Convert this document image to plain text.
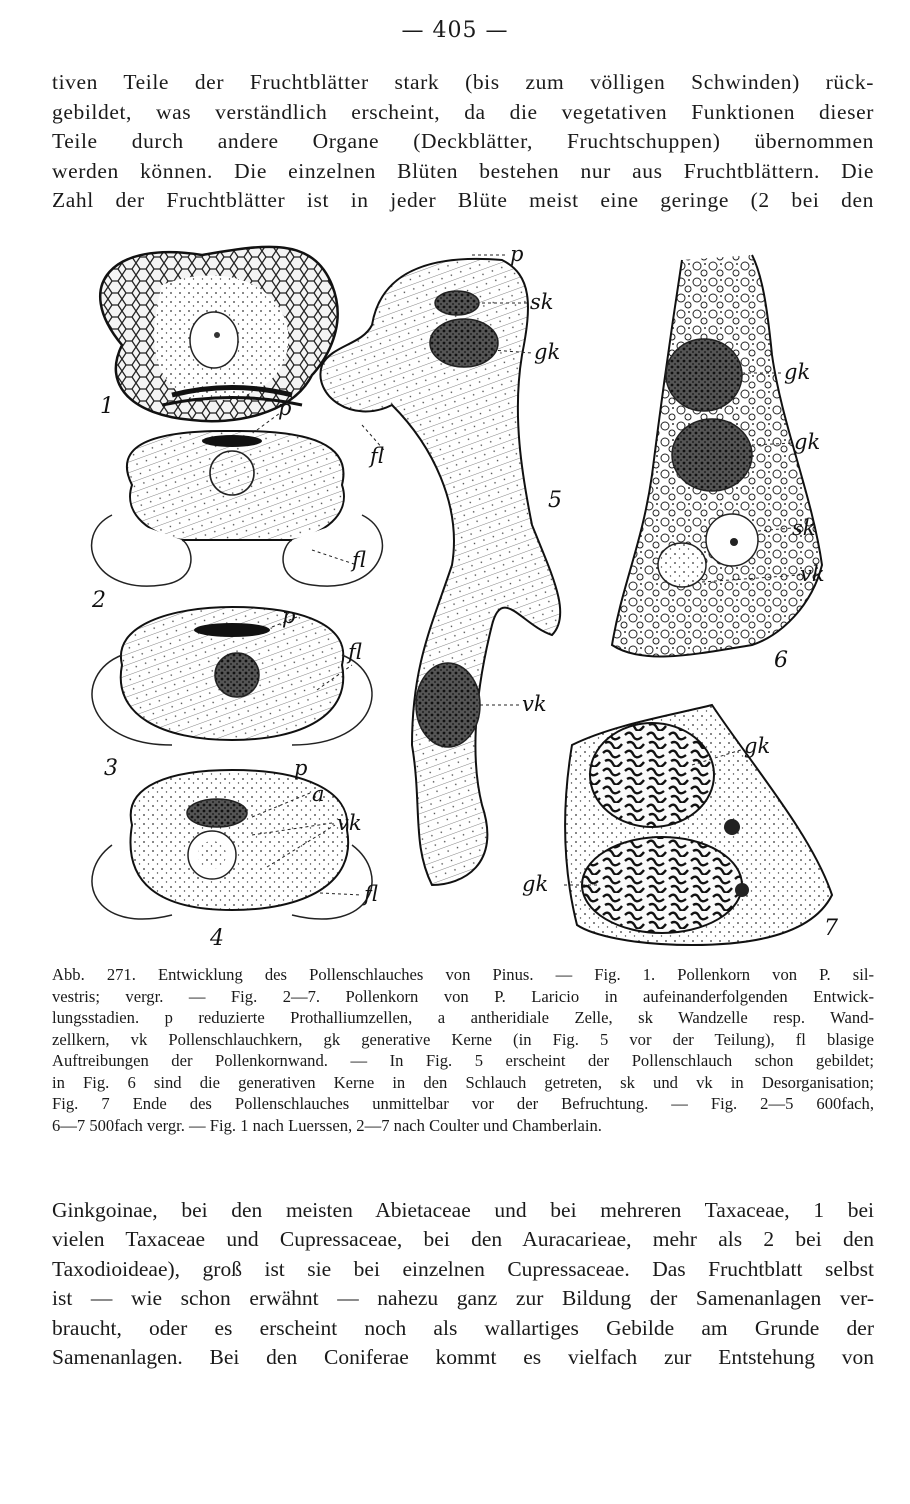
— 405 —
tiven Teile der Fruchtblätter stark (bis zum völligen Schwinden) rück-
gebildet, was verständlich erscheint, da die vegetativen Funktionen dieser
Teile durch andere Organe (Deckblätter, Fruchtschuppen) übernommen
werden können. Die einzelnen Blüten bestehen nur aus Fruchtblättern. Die
Zahl der Fruchtblätter ist in jeder Blüte meist eine geringe (2 bei den
p
fl
p
fl
p
a
vk
fl
p
sk
gk
fl
vk
gk
gk
sk
vk
gk
gk
1
2
3
4
5
6
7
Abb. 271. Entwicklung des Pollenschlauches von Pinus. — Fig. 1. Pollenkorn von P. sil-
vestris; vergr. — Fig. 2—7. Pollenkorn von P. Laricio in aufeinanderfolgenden Entwick-
lungsstadien. p reduzierte Prothalliumzellen, a antheridiale Zelle, sk Wandzelle resp. Wand-
zellkern, vk Pollenschlauchkern, gk generative Kerne (in Fig. 5 vor der Teilung), fl blasige
Auftreibungen der Pollenkornwand. — In Fig. 5 erscheint der Pollenschlauch schon gebildet;
in Fig. 6 sind die generativen Kerne in den Schlauch getreten, sk und vk in Desorganisation;
Fig. 7 Ende des Pollenschlauches unmittelbar vor der Befruchtung. — Fig. 2—5 600fach,
6—7 500fach vergr. — Fig. 1 nach Luerssen, 2—7 nach Coulter und Chamberlain.
Ginkgoinae, bei den meisten Abietaceae und bei mehreren Taxaceae, 1 bei
vielen Taxaceae und Cupressaceae, bei den Auracarieae, mehr als 2 bei den
Taxodioideae), groß ist sie bei einzelnen Cupressaceae. Das Fruchtblatt selbst
ist — wie schon erwähnt — nahezu ganz zur Bildung der Samenanlagen ver-
braucht, oder es erscheint noch als wallartiges Gebilde am Grunde der
Samenanlagen. Bei den Coniferae kommt es vielfach zur Entstehung von
